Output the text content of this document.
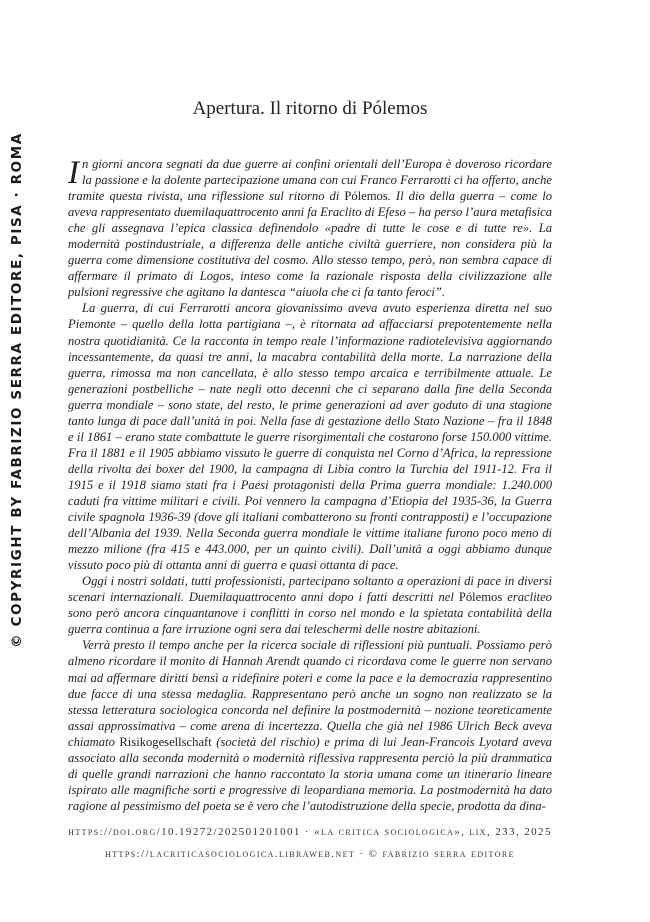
© COPYRIGHT BY FABRIZIO SERRA EDITORE, PISA · ROMA
Apertura. Il ritorno di Pólemos

In giorni ancora segnati da due guerre ai confini orientali dell’Europa è doveroso ricordare la passione e la dolente partecipazione umana con cui Franco Ferrarotti ci ha offerto, anche tramite questa rivista, una riflessione sul ritorno di Pólemos. Il dio della guerra – come lo aveva rappresentato duemilaquattrocento anni fa Eraclito di Efeso – ha perso l’aura metafisica che gli assegnava l’epica classica definendolo «padre di tutte le cose e di tutte re». La modernità postindustriale, a differenza delle antiche civiltà guerriere, non considera più la guerra come dimensione costitutiva del cosmo. Allo stesso tempo, però, non sembra capace di affermare il primato di Logos, inteso come la razionale risposta della civilizzazione alle pulsioni regressive che agitano la dantesca “aiuola che ci fa tanto feroci”.

La guerra, di cui Ferrarotti ancora giovanissimo aveva avuto esperienza diretta nel suo Piemonte – quello della lotta partigiana –, è ritornata ad affacciarsi prepotentemente nella nostra quotidianità. Ce la racconta in tempo reale l’informazione radiotelevisiva aggiornando incessantemente, da quasi tre anni, la macabra contabilità della morte. La narrazione della guerra, rimossa ma non cancellata, è allo stesso tempo arcaica e terribilmente attuale. Le generazioni postbelliche – nate negli otto decenni che ci separano dalla fine della Seconda guerra mondiale – sono state, del resto, le prime generazioni ad aver goduto di una stagione tanto lunga di pace dall’unità in poi. Nella fase di gestazione dello Stato Nazione – fra il 1848 e il 1861 – erano state combattute le guerre risorgimentali che costarono forse 150.000 vittime. Fra il 1881 e il 1905 abbiamo vissuto le guerre di conquista nel Corno d’Africa, la repressione della rivolta dei boxer del 1900, la campagna di Libia contro la Turchia del 1911-12. Fra il 1915 e il 1918 siamo stati fra i Paesi protagonisti della Prima guerra mondiale: 1.240.000 caduti fra vittime militari e civili. Poi vennero la campagna d’Etiopia del 1935-36, la Guerra civile spagnola 1936-39 (dove gli italiani combatterono su fronti contrapposti) e l’occupazione dell’Albania del 1939. Nella Seconda guerra mondiale le vittime italiane furono poco meno di mezzo milione (fra 415 e 443.000, per un quinto civili). Dall’unità a oggi abbiamo dunque vissuto poco più di ottanta anni di guerra e quasi ottanta di pace.

Oggi i nostri soldati, tutti professionisti, partecipano soltanto a operazioni di pace in diversi scenari internazionali. Duemilaquattrocento anni dopo i fatti descritti nel Pólemos eracliteo sono però ancora cinquantanove i conflitti in corso nel mondo e la spietata contabilità della guerra continua a fare irruzione ogni sera dai teleschermi delle nostre abitazioni.

Verrà presto il tempo anche per la ricerca sociale di riflessioni più puntuali. Possiamo però almeno ricordare il monito di Hannah Arendt quando ci ricordava come le guerre non servano mai ad affermare diritti bensì a ridefinire poteri e come la pace e la democrazia rappresentino due facce di una stessa medaglia. Rappresentano però anche un sogno non realizzato se la stessa letteratura sociologica concorda nel definire la postmodernità – nozione teoreticamente assai approssimativa – come arena di incertezza. Quella che già nel 1986 Ulrich Beck aveva chiamato Risikogesellschaft (società del rischio) e prima di lui Jean-Francois Lyotard aveva associato alla seconda modernità o modernità riflessiva rappresenta perciò la più drammatica di quelle grandi narrazioni che hanno raccontato la storia umana come un itinerario lineare ispirato alle magnifiche sorti e progressive di leopardiana memoria. La postmodernità ha dato ragione al pessimismo del poeta se è vero che l’autodistruzione della specie, prodotta da dina-

https://doi.org/10.19272/202501201001 · «la critica sociologica», lix, 233, 2025
https://lacriticasociologica.libraweb.net · © fabrizio serra editore
